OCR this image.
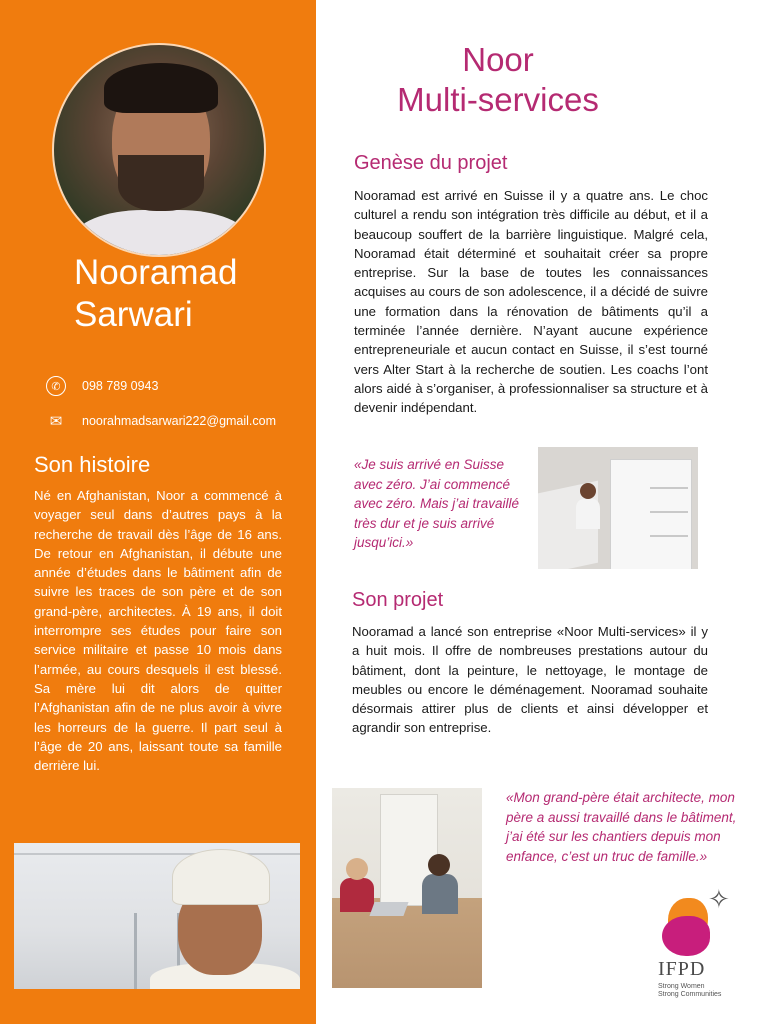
Nooramad
Sarwari
✆	098 789 0943
✉ noorahmadsarwari222@gmail.com
Son histoire

Né en Afghanistan, Noor a commencé à voyager seul dans d’autres pays à la recherche de travail dès l’âge de 16 ans. De retour en Afghanistan, il débute une année d’études dans le bâtiment afin de suivre les traces de son père et de son grand-père, architectes. À 19 ans, il doit interrompre ses études pour faire son service militaire et passe 10 mois dans l’armée, au cours desquels il est blessé. Sa mère lui dit alors de quitter l’Afghanistan afin de ne plus avoir à vivre les horreurs de la guerre. Il part seul à l’âge de 20 ans, laissant toute sa famille derrière lui.

Noor
Multi-services
Genèse du projet

Nooramad est arrivé en Suisse il y a quatre ans. Le choc culturel a rendu son intégration très difficile au début, et il a beaucoup souffert de la barrière linguistique. Malgré cela, Nooramad était déterminé et souhaitait créer sa propre entreprise. Sur la base de toutes les connaissances acquises au cours de son adolescence, il a décidé de suivre une formation dans la rénovation de bâtiments qu’il a terminée l’année dernière. N’ayant aucune expérience entrepreneuriale et aucun contact en Suisse, il s’est tourné vers Alter Start à la recherche de soutien. Les coachs l’ont alors aidé à s’organiser, à professionnaliser sa structure et à devenir indépendant.

«Je suis arrivé en Suisse avec zéro. J’ai commencé avec zéro. Mais j’ai travaillé très dur et je suis arrivé jusqu’ici.»

Son projet

Nooramad a lancé son entreprise «Noor Multi-services» il y a huit mois. Il offre de nombreuses prestations autour du bâtiment, dont la peinture, le nettoyage, le montage de meubles ou encore le déménagement. Nooramad souhaite désormais attirer plus de clients et ainsi développer et agrandir son entreprise.

«Mon grand-père était architecte, mon père a aussi travaillé dans le bâtiment, j’ai été sur les chantiers depuis mon enfance, c’est un truc de famille.»

✧
IFPD
Strong Women
Strong Communities
